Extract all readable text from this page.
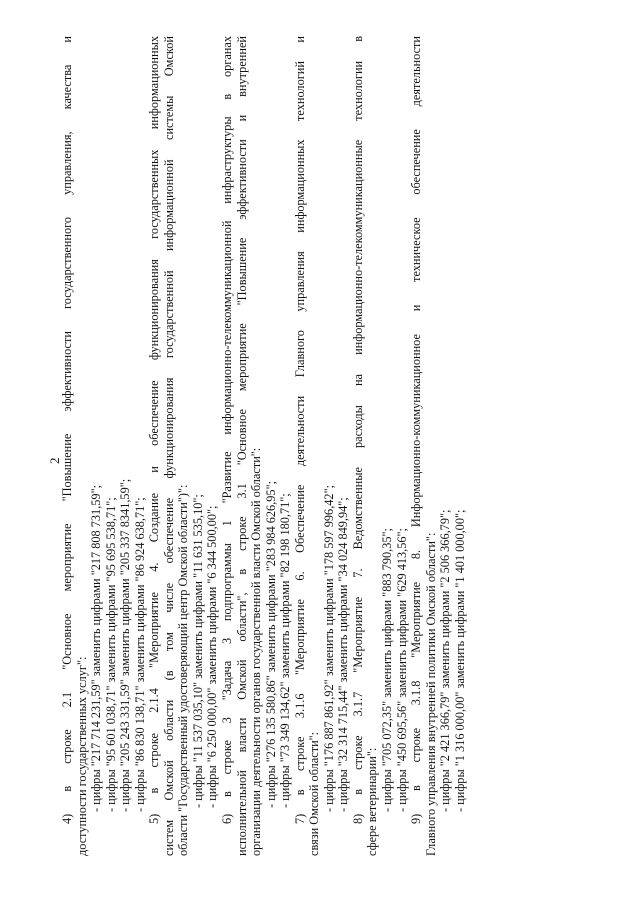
2
4) в строке 2.1 "Основное мероприятие "Повышение эффективности государственного управления, качества и доступности государственных услуг": - цифры "217 714 231,59" заменить цифрами "217 808 731,59"; - цифры "95 601 038,71" заменить цифрами "95 695 538,71"; - цифры "205 243 331,59" заменить цифрами "205 337 8341,59"; - цифры "86 830 138,71" заменить цифрами "86 924 638,71"; 5) в строке 2.1.4 "Мероприятие 4. Создание и обеспечение функционирования государственных информационных систем Омской области (в том числе обеспечение функционирования государственной информационной системы Омской области "Государственный удостоверяющий центр Омской области")": - цифры "11 537 035,10" заменить цифрами "11 631 535,10"; - цифры "6 250 000,00" заменить цифрами "6 344 500,00"; 6) в строке 3 "Задача 3 подпрограммы 1 "Развитие информационно-телекоммуникационной инфраструктуры в органах исполнительной власти Омской области", в строке 3.1 "Основное мероприятие "Повышение эффективности и внутренней организации деятельности органов государственной власти Омской области": - цифры "276 135 580,86" заменить цифрами "283 984 626,95"; - цифры "73 349 134,62" заменить цифрами "82 198 180,71"; 7) в строке 3.1.6 "Мероприятие 6. Обеспечение деятельности Главного управления информационных технологий и связи Омской области": - цифры "176 887 861,92" заменить цифрами "178 597 996,42"; - цифры "32 314 715,44" заменить цифрами "34 024 849,94"; 8) в строке 3.1.7 "Мероприятие 7. Ведомственные расходы на информационно-телекоммуникационные технологии в сфере ветеринарии": - цифры "705 072,35" заменить цифрами "883 790,35"; - цифры "450 695,56" заменить цифрами "629 413,56"; 9) в строке 3.1.8 "Мероприятие 8. Информационно-коммуникационное и техническое обеспечение деятельности Главного управления внутренней политики Омской области": - цифры "2 421 366,79" заменить цифрами "2 506 366,79"; - цифры "1 316 000,00" заменить цифрами "1 401 000,00";
